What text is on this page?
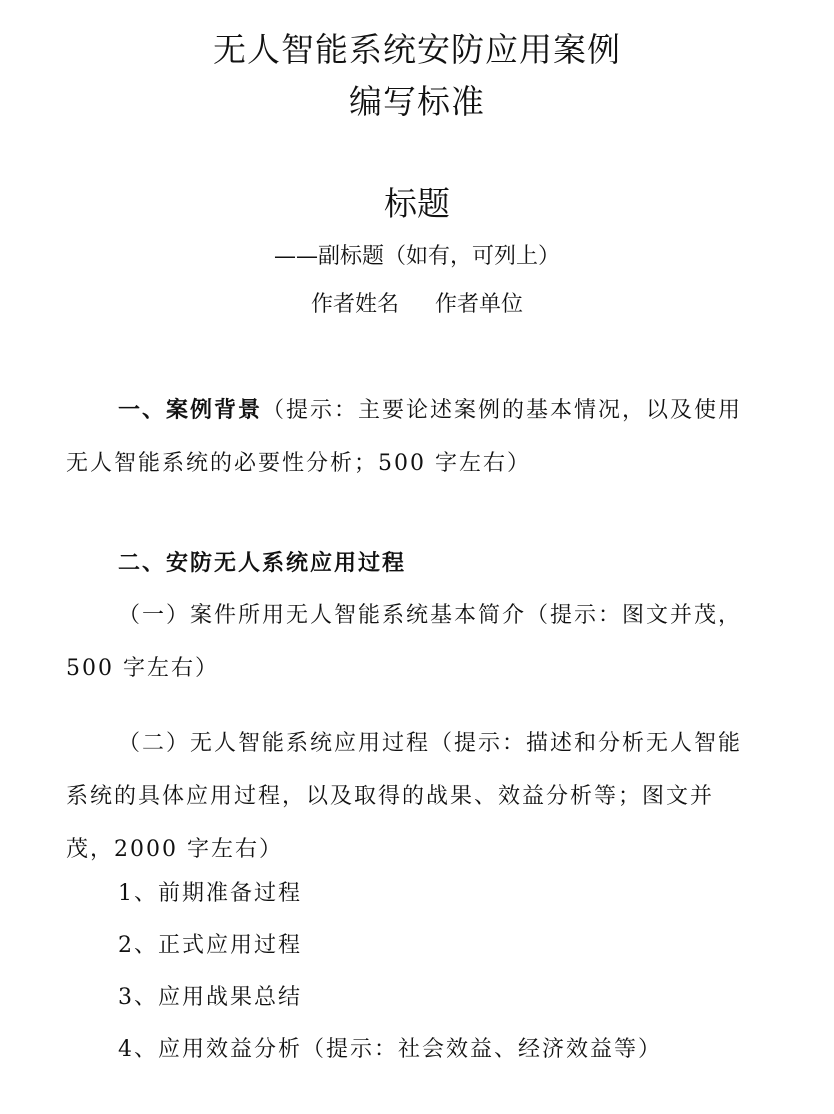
无人智能系统安防应用案例
编写标准
标题
——副标题（如有，可列上）
作者姓名 作者单位
一、案例背景（提示：主要论述案例的基本情况，以及使用无人智能系统的必要性分析；500 字左右）
二、安防无人系统应用过程
（一）案件所用无人智能系统基本简介（提示：图文并茂，500 字左右）
（二）无人智能系统应用过程（提示：描述和分析无人智能系统的具体应用过程，以及取得的战果、效益分析等；图文并茂，2000 字左右）
1、前期准备过程
2、正式应用过程
3、应用战果总结
4、应用效益分析（提示：社会效益、经济效益等）
